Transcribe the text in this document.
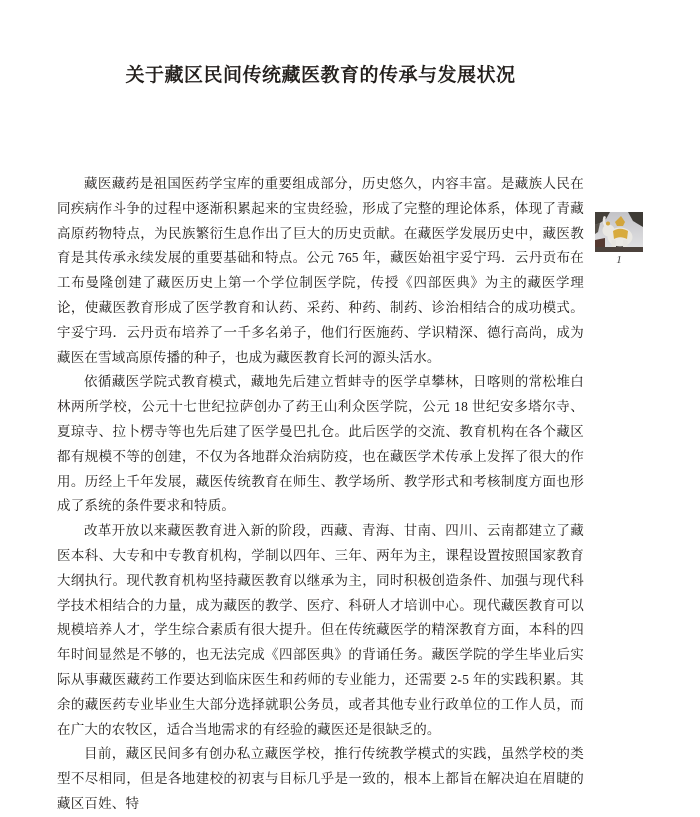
关于藏区民间传统藏医教育的传承与发展状况

藏医藏药是祖国医药学宝库的重要组成部分，历史悠久，内容丰富。是藏族人民在同疾病作斗争的过程中逐渐积累起来的宝贵经验，形成了完整的理论体系，体现了青藏高原药物特点，为民族繁衍生息作出了巨大的历史贡献。在藏医学发展历史中，藏医教育是其传承永续发展的重要基础和特点。公元 765 年，藏医始祖宇妥宁玛．云丹贡布在工布曼隆创建了藏医历史上第一个学位制医学院，传授《四部医典》为主的藏医学理论，使藏医教育形成了医学教育和认药、采药、种药、制药、诊治相结合的成功模式。宇妥宁玛．云丹贡布培养了一千多名弟子，他们行医施药、学识精深、德行高尚，成为藏医在雪域高原传播的种子，也成为藏医教育长河的源头活水。

依循藏医学院式教育模式，藏地先后建立哲蚌寺的医学卓攀林，日喀则的常松堆白林两所学校，公元十七世纪拉萨创办了药王山利众医学院，公元 18 世纪安多塔尔寺、夏琼寺、拉卜楞寺等也先后建了医学曼巴扎仓。此后医学的交流、教育机构在各个藏区都有规模不等的创建，不仅为各地群众治病防疫，也在藏医学术传承上发挥了很大的作用。历经上千年发展，藏医传统教育在师生、教学场所、教学形式和考核制度方面也形成了系统的条件要求和特质。

改革开放以来藏医教育进入新的阶段，西藏、青海、甘南、四川、云南都建立了藏医本科、大专和中专教育机构，学制以四年、三年、两年为主，课程设置按照国家教育大纲执行。现代教育机构坚持藏医教育以继承为主，同时积极创造条件、加强与现代科学技术相结合的力量，成为藏医的教学、医疗、科研人才培训中心。现代藏医教育可以规模培养人才，学生综合素质有很大提升。但在传统藏医学的精深教育方面，本科的四年时间显然是不够的，也无法完成《四部医典》的背诵任务。藏医学院的学生毕业后实际从事藏医藏药工作要达到临床医生和药师的专业能力，还需要 2-5 年的实践积累。其余的藏医药专业毕业生大部分选择就职公务员，或者其他专业行政单位的工作人员，而在广大的农牧区，适合当地需求的有经验的藏医还是很缺乏的。

目前，藏区民间多有创办私立藏医学校，推行传统教学模式的实践，虽然学校的类型不尽相同，但是各地建校的初衷与目标几乎是一致的，根本上都旨在解决迫在眉睫的藏区百姓、特

1
